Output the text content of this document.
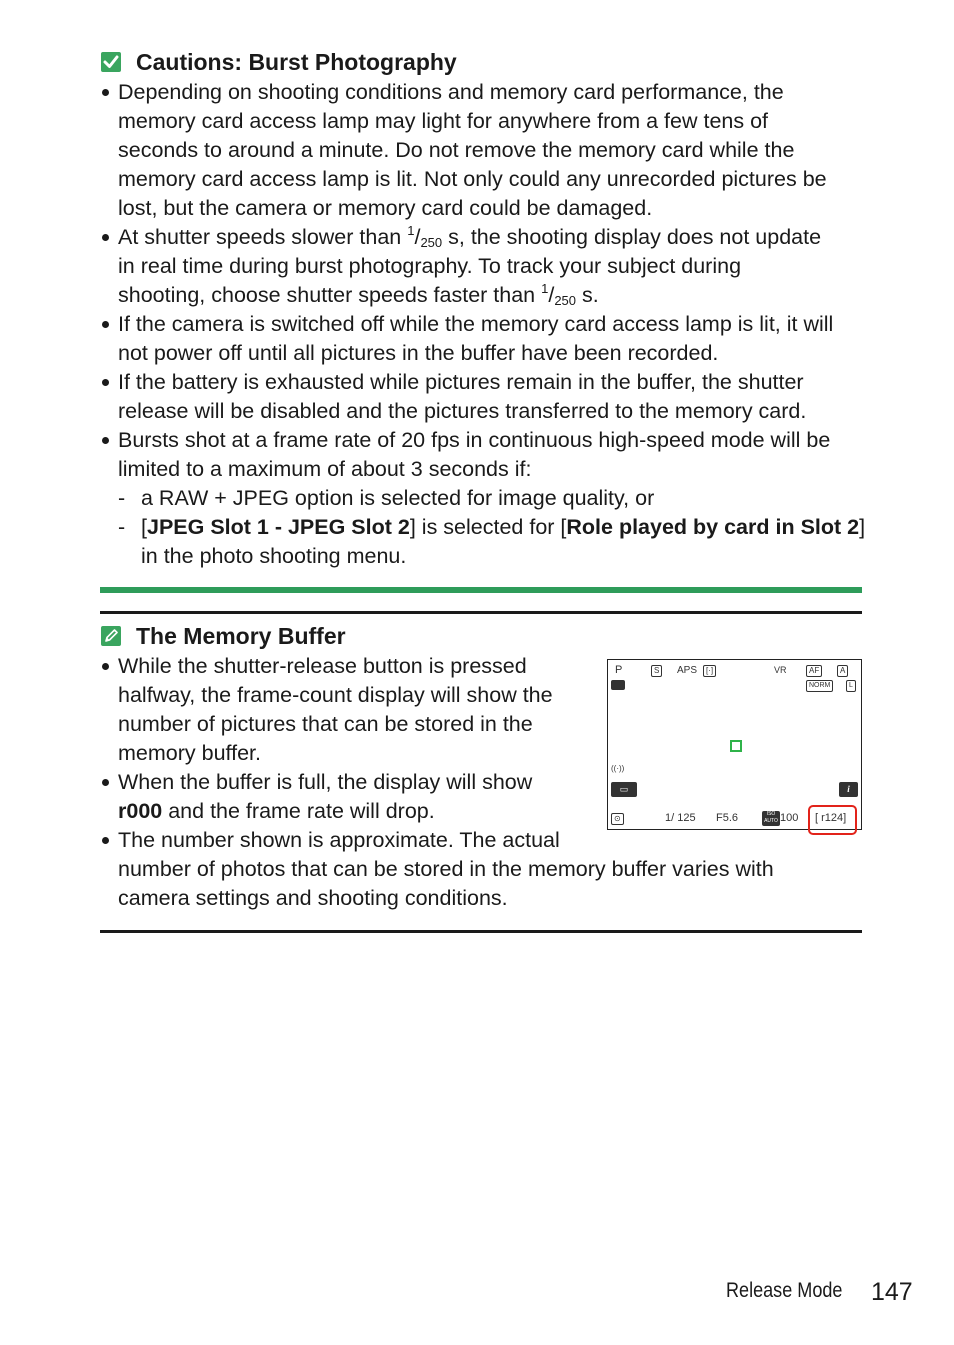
Cautions: Burst Photography
Depending on shooting conditions and memory card performance, the
memory card access lamp may light for anywhere from a few tens of
seconds to around a minute. Do not remove the memory card while the
memory card access lamp is lit. Not only could any unrecorded pictures be
lost, but the camera or memory card could be damaged.
At shutter speeds slower than $^1/_{250}$ s, the shooting display does not update
in real time during burst photography. To track your subject during
shooting, choose shutter speeds faster than $^1/_{250}$ s.
If the camera is switched off while the memory card access lamp is lit, it will
not power off until all pictures in the buffer have been recorded.
If the battery is exhausted while pictures remain in the buffer, the shutter
release will be disabled and the pictures transferred to the memory card.
Bursts shot at a frame rate of 20 fps in continuous high-speed mode will be
limited to a maximum of about 3 seconds if:
- a RAW + JPEG option is selected for image quality, or
- [JPEG Slot 1 - JPEG Slot 2] is selected for [Role played by card in Slot 2]
in the photo shooting menu.
The Memory Buffer
While the shutter-release button is pressed
halfway, the frame-count display will show the
number of pictures that can be stored in the
memory buffer.
When the buffer is full, the display will show
r000 and the frame rate will drop.
The number shown is approximate. The actual
number of photos that can be stored in the memory buffer varies with
camera settings and shooting conditions.
P	S	APS	[·]	VR	AF	A
NORM	L
((·))
▭	i
⊙	1/ 125 F5.6	ISO AUTO 100 [ r124]
Release Mode 147
